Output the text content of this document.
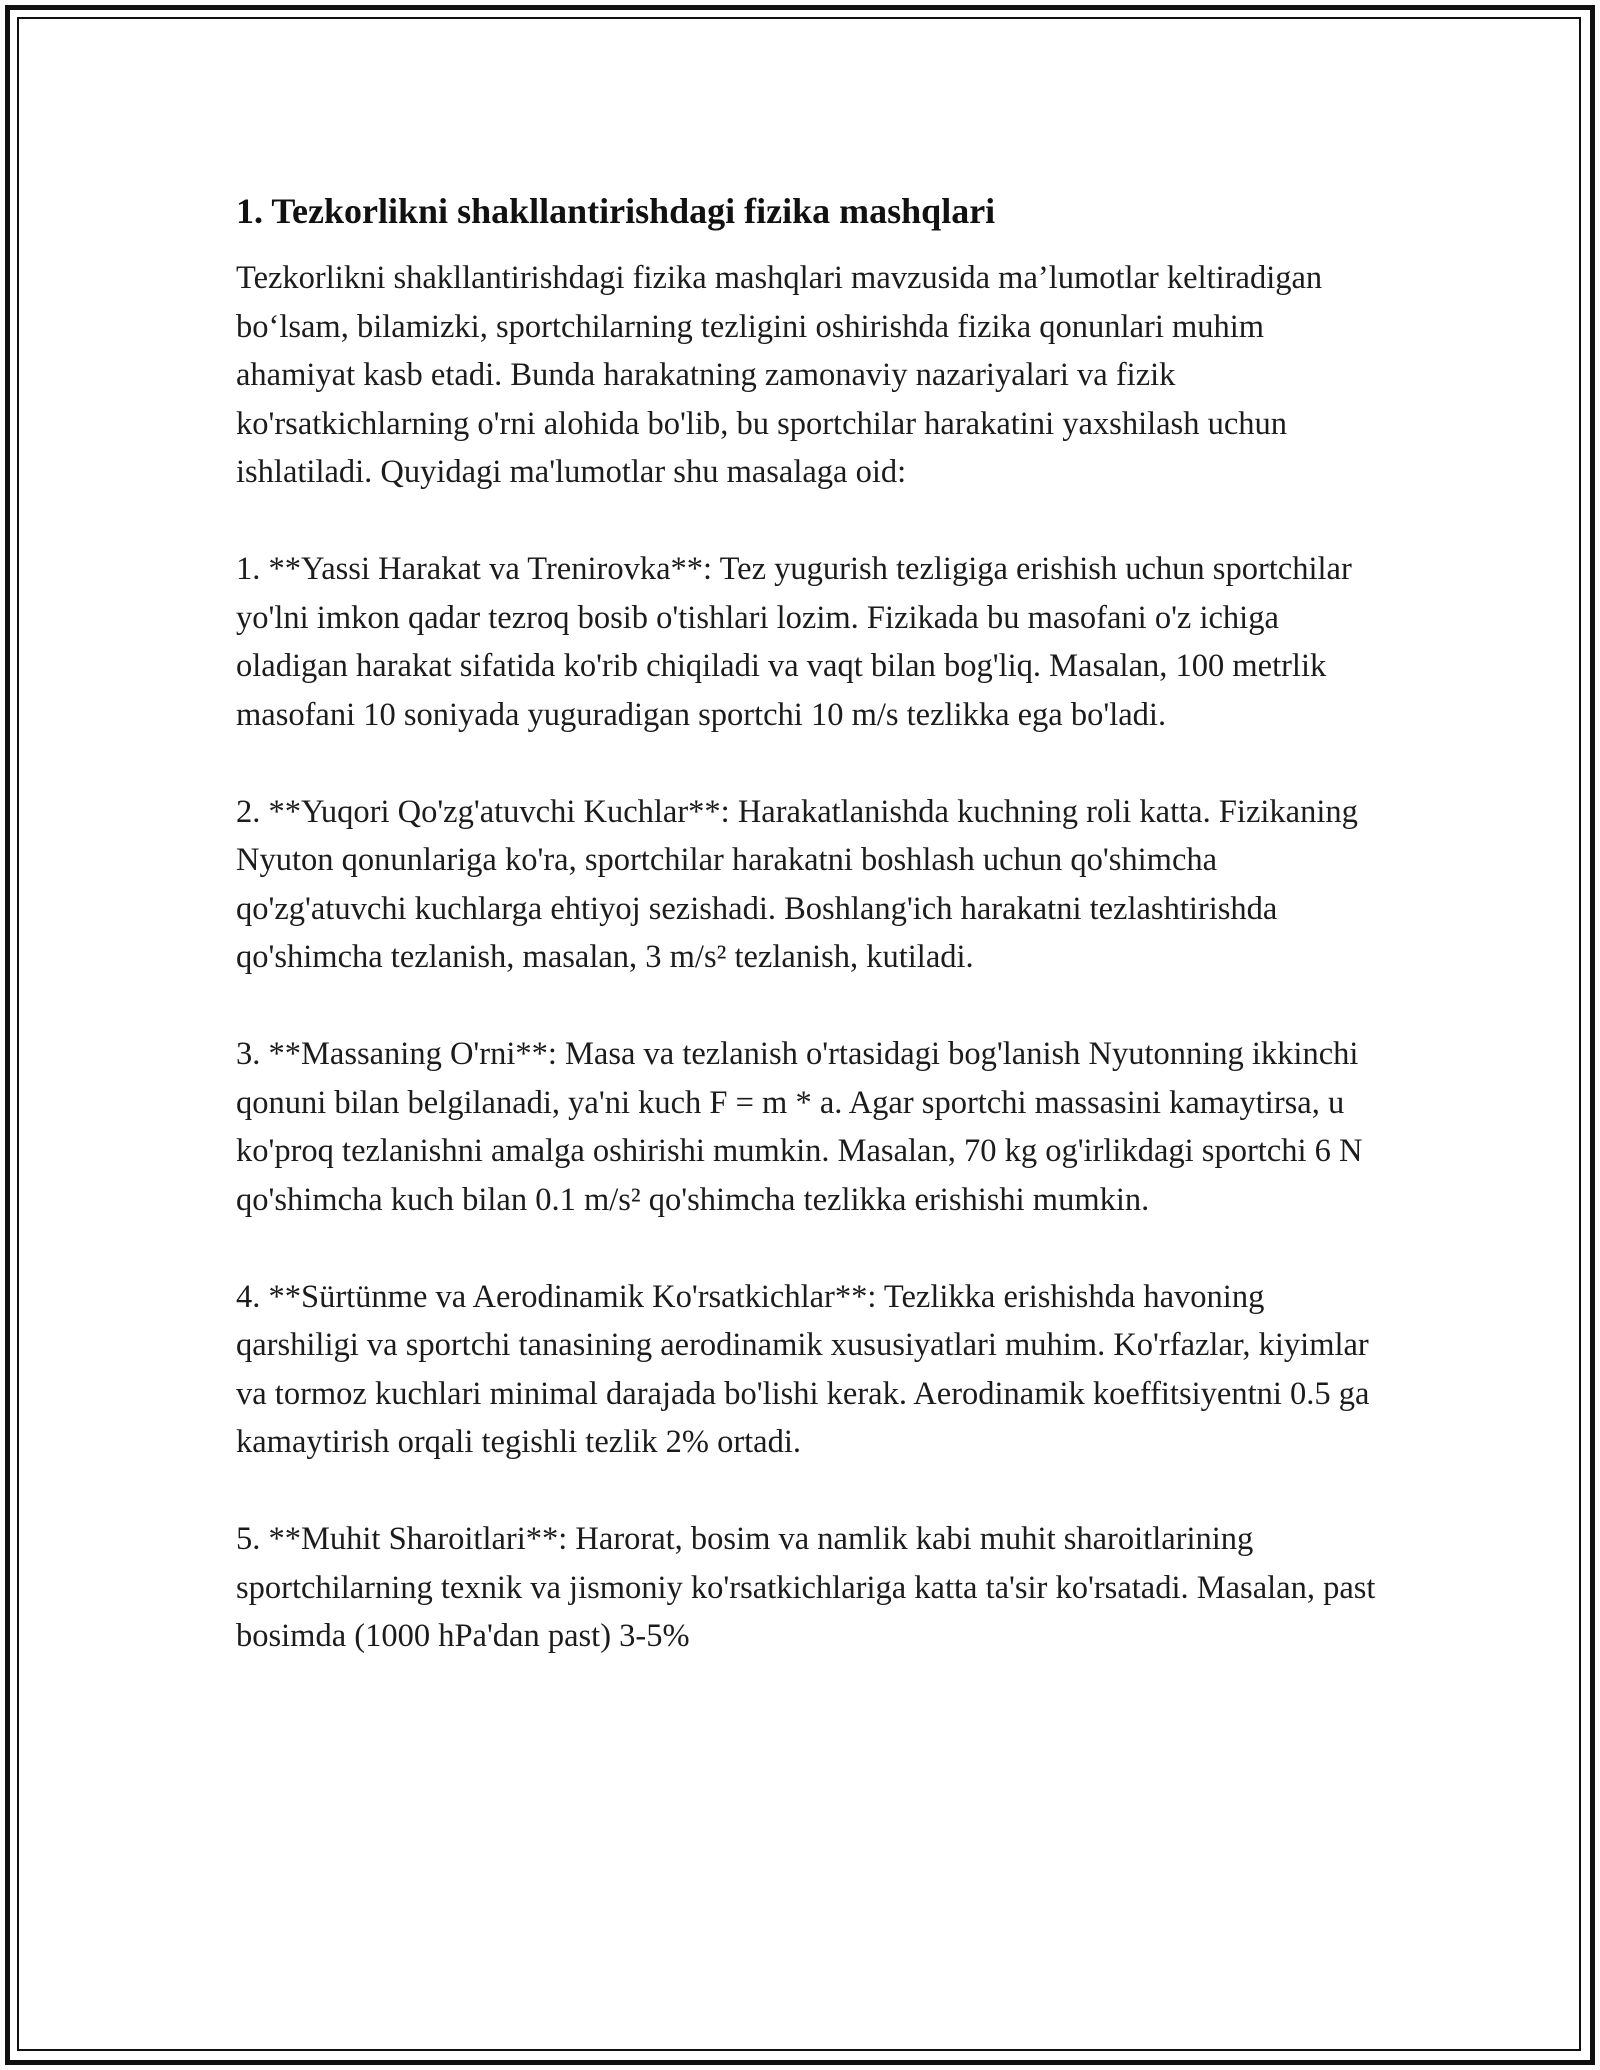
1. Tezkorlikni shakllantirishdagi fizika mashqlari

Tezkorlikni shakllantirishdagi fizika mashqlari mavzusida ma’lumotlar keltiradigan bo‘lsam, bilamizki, sportchilarning tezligini oshirishda fizika qonunlari muhim ahamiyat kasb etadi. Bunda harakatning zamonaviy nazariyalari va fizik ko'rsatkichlarning o'rni alohida bo'lib, bu sportchilar harakatini yaxshilash uchun ishlatiladi. Quyidagi ma'lumotlar shu masalaga oid:

1. **Yassi Harakat va Trenirovka**: Tez yugurish tezligiga erishish uchun sportchilar yo'lni imkon qadar tezroq bosib o'tishlari lozim. Fizikada bu masofani o'z ichiga oladigan harakat sifatida ko'rib chiqiladi va vaqt bilan bog'liq. Masalan, 100 metrlik masofani 10 soniyada yuguradigan sportchi 10 m/s tezlikka ega bo'ladi.

2. **Yuqori Qo'zg'atuvchi Kuchlar**: Harakatlanishda kuchning roli katta. Fizikaning Nyuton qonunlariga ko'ra, sportchilar harakatni boshlash uchun qo'shimcha qo'zg'atuvchi kuchlarga ehtiyoj sezishadi. Boshlang'ich harakatni tezlashtirishda qo'shimcha tezlanish, masalan, 3 m/s² tezlanish, kutiladi.

3. **Massaning O'rni**: Masa va tezlanish o'rtasidagi bog'lanish Nyutonning ikkinchi qonuni bilan belgilanadi, ya'ni kuch F = m * a. Agar sportchi massasini kamaytirsa, u ko'proq tezlanishni amalga oshirishi mumkin. Masalan, 70 kg og'irlikdagi sportchi 6 N qo'shimcha kuch bilan 0.1 m/s² qo'shimcha tezlikka erishishi mumkin.

4. **Sürtünme va Aerodinamik Ko'rsatkichlar**: Tezlikka erishishda havoning qarshiligi va sportchi tanasining aerodinamik xususiyatlari muhim. Ko'rfazlar, kiyimlar va tormoz kuchlari minimal darajada bo'lishi kerak. Aerodinamik koeffitsiyentni 0.5 ga kamaytirish orqali tegishli tezlik 2% ortadi.

5. **Muhit Sharoitlari**: Harorat, bosim va namlik kabi muhit sharoitlarining sportchilarning texnik va jismoniy ko'rsatkichlariga katta ta'sir ko'rsatadi. Masalan, past bosimda (1000 hPa'dan past) 3-5%
